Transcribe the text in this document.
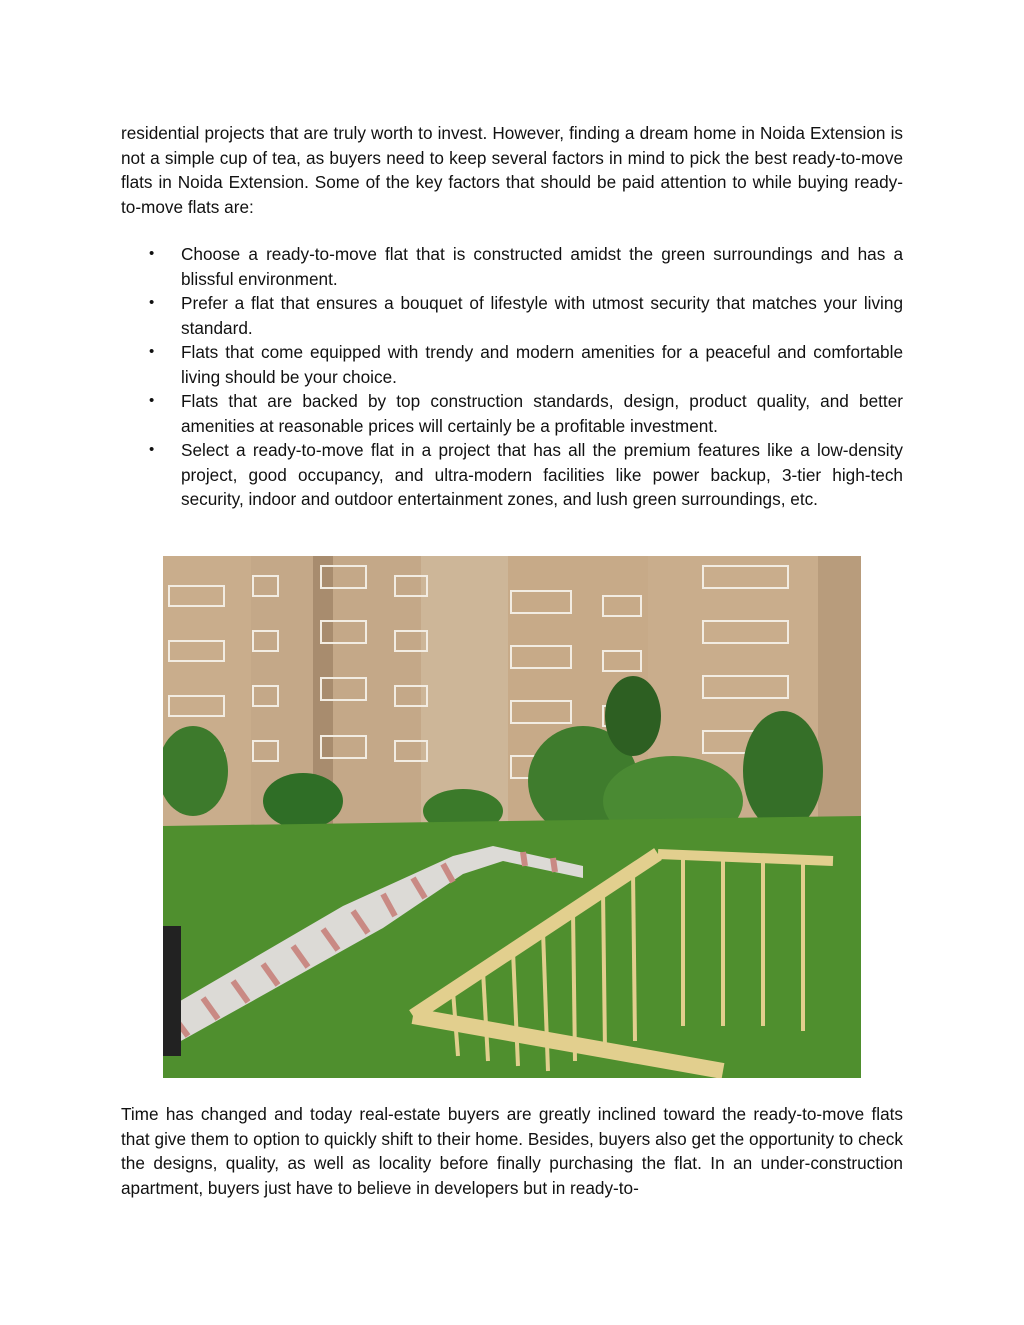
residential projects that are truly worth to invest. However, finding a dream home in Noida Extension is not a simple cup of tea, as buyers need to keep several factors in mind to pick the best ready-to-move flats in Noida Extension. Some of the key factors that should be paid attention to while buying ready-to-move flats are:

• Choose a ready-to-move flat that is constructed amidst the green surroundings and has a blissful environment.
• Prefer a flat that ensures a bouquet of lifestyle with utmost security that matches your living standard.
• Flats that come equipped with trendy and modern amenities for a peaceful and comfortable living should be your choice.
• Flats that are backed by top construction standards, design, product quality, and better amenities at reasonable prices will certainly be a profitable investment.
• Select a ready-to-move flat in a project that has all the premium features like a low-density project, good occupancy, and ultra-modern facilities like power backup, 3-tier high-tech security, indoor and outdoor entertainment zones, and lush green surroundings, etc.

Time has changed and today real-estate buyers are greatly inclined toward the ready-to-move flats that give them to option to quickly shift to their home. Besides, buyers also get the opportunity to check the designs, quality, as well as locality before finally purchasing the flat. In an under-construction apartment, buyers just have to believe in developers but in ready-to-
